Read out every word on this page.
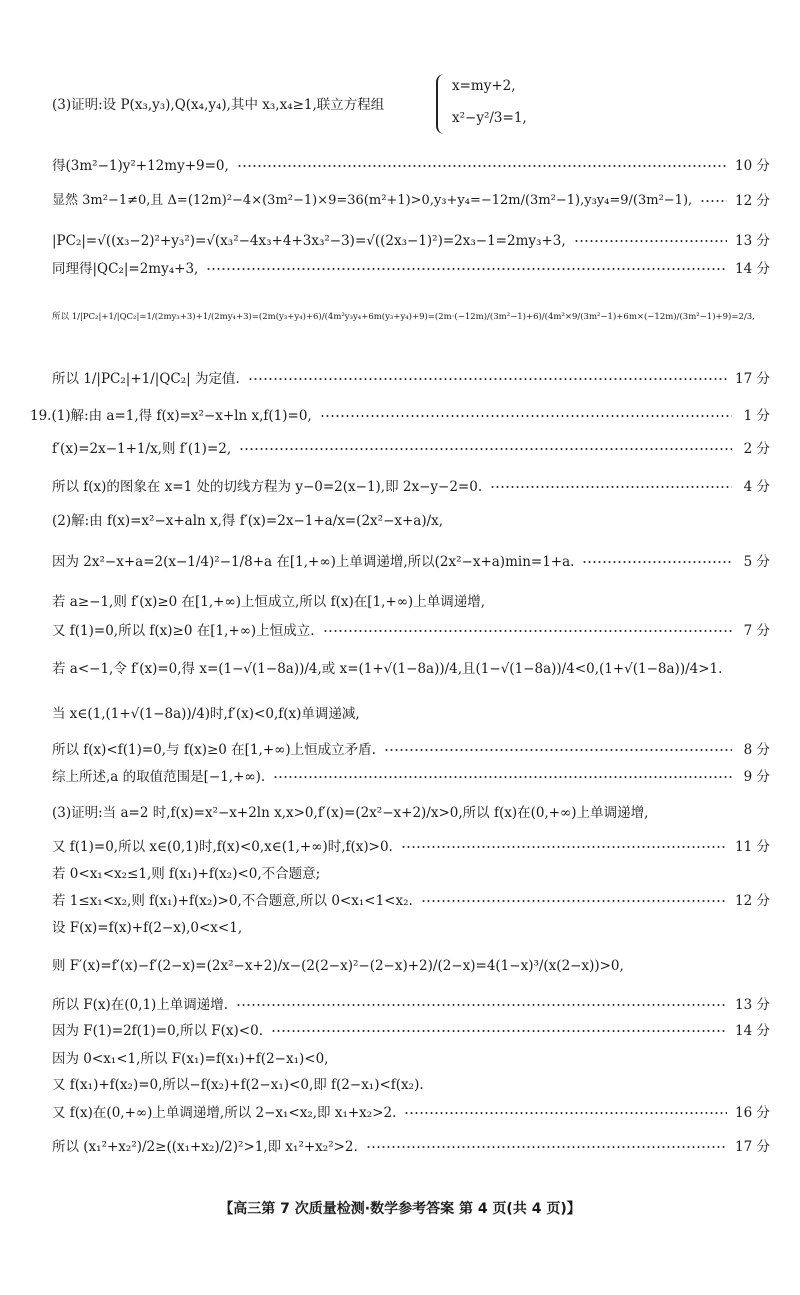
(3)证明:设 P(x₃,y₃),Q(x₄,y₄),其中 x₃,x₄≥1,联立方程组
x=my+2,
x²−y²/3=1,
得(3m²−1)y²+12my+9=0,	10 分
显然 3m²−1≠0,且 Δ=(12m)²−4×(3m²−1)×9=36(m²+1)>0,y₃+y₄=−12m/(3m²−1),y₃y₄=9/(3m²−1),	12 分
|PC₂|=√((x₃−2)²+y₃²)=√(x₃²−4x₃+4+3x₃²−3)=√((2x₃−1)²)=2x₃−1=2my₃+3,	13 分
同理得|QC₂|=2my₄+3,	14 分
所以 1/|PC₂|+1/|QC₂|=1/(2my₃+3)+1/(2my₄+3)=(2m(y₃+y₄)+6)/(4m²y₃y₄+6m(y₃+y₄)+9)=(2m·(−12m)/(3m²−1)+6)/(4m²×9/(3m²−1)+6m×(−12m)/(3m²−1)+9)=2/3,
所以 1/|PC₂|+1/|QC₂| 为定值.	17 分
19.(1)解:由 a=1,得 f(x)=x²−x+ln x,f(1)=0,	1 分
f′(x)=2x−1+1/x,则 f′(1)=2,	2 分
所以 f(x)的图象在 x=1 处的切线方程为 y−0=2(x−1),即 2x−y−2=0.	4 分
(2)解:由 f(x)=x²−x+aln x,得 f′(x)=2x−1+a/x=(2x²−x+a)/x,
因为 2x²−x+a=2(x−1/4)²−1/8+a 在[1,+∞)上单调递增,所以(2x²−x+a)min=1+a.	5 分
若 a≥−1,则 f′(x)≥0 在[1,+∞)上恒成立,所以 f(x)在[1,+∞)上单调递增,
又 f(1)=0,所以 f(x)≥0 在[1,+∞)上恒成立.	7 分
若 a<−1,令 f′(x)=0,得 x=(1−√(1−8a))/4,或 x=(1+√(1−8a))/4,且(1−√(1−8a))/4<0,(1+√(1−8a))/4>1.
当 x∈(1,(1+√(1−8a))/4)时,f′(x)<0,f(x)单调递减,
所以 f(x)<f(1)=0,与 f(x)≥0 在[1,+∞)上恒成立矛盾.	8 分
综上所述,a 的取值范围是[−1,+∞).	9 分
(3)证明:当 a=2 时,f(x)=x²−x+2ln x,x>0,f′(x)=(2x²−x+2)/x>0,所以 f(x)在(0,+∞)上单调递增,
又 f(1)=0,所以 x∈(0,1)时,f(x)<0,x∈(1,+∞)时,f(x)>0.	11 分
若 0<x₁<x₂≤1,则 f(x₁)+f(x₂)<0,不合题意;
若 1≤x₁<x₂,则 f(x₁)+f(x₂)>0,不合题意,所以 0<x₁<1<x₂.	12 分
设 F(x)=f(x)+f(2−x),0<x<1,
则 F′(x)=f′(x)−f′(2−x)=(2x²−x+2)/x−(2(2−x)²−(2−x)+2)/(2−x)=4(1−x)³/(x(2−x))>0,
所以 F(x)在(0,1)上单调递增.	13 分
因为 F(1)=2f(1)=0,所以 F(x)<0.	14 分
因为 0<x₁<1,所以 F(x₁)=f(x₁)+f(2−x₁)<0,
又 f(x₁)+f(x₂)=0,所以−f(x₂)+f(2−x₁)<0,即 f(2−x₁)<f(x₂).
又 f(x)在(0,+∞)上单调递增,所以 2−x₁<x₂,即 x₁+x₂>2.	16 分
所以 (x₁²+x₂²)/2≥((x₁+x₂)/2)²>1,即 x₁²+x₂²>2.	17 分
【高三第 7 次质量检测·数学参考答案 第 4 页(共 4 页)】
